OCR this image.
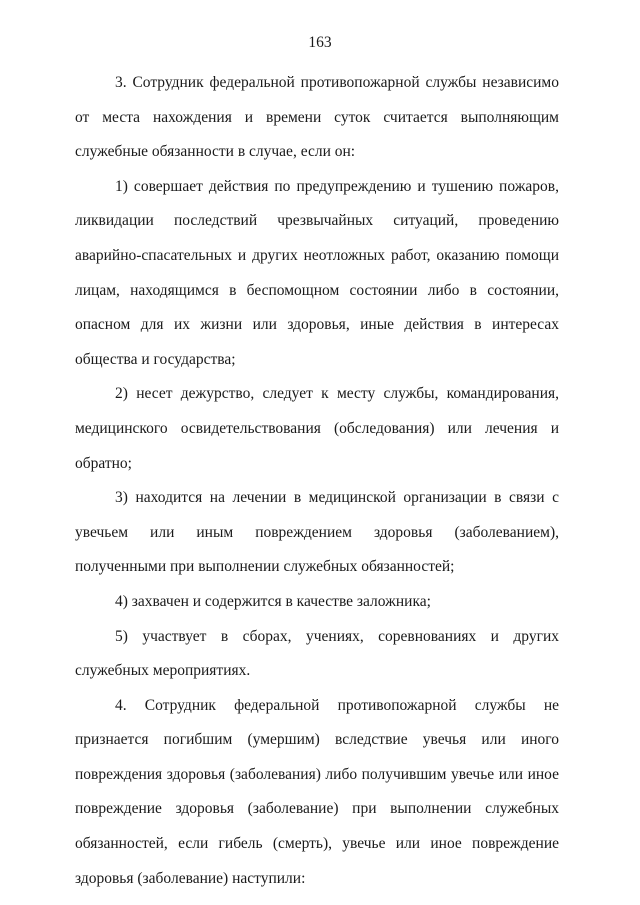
163

3. Сотрудник федеральной противопожарной службы независимо от места нахождения и времени суток считается выполняющим служебные обязанности в случае, если он:

1) совершает действия по предупреждению и тушению пожаров, ликвидации последствий чрезвычайных ситуаций, проведению аварийно-спасательных и других неотложных работ, оказанию помощи лицам, находящимся в беспомощном состоянии либо в состоянии, опасном для их жизни или здоровья, иные действия в интересах общества и государства;

2) несет дежурство, следует к месту службы, командирования, медицинского освидетельствования (обследования) или лечения и обратно;

3) находится на лечении в медицинской организации в связи с увечьем или иным повреждением здоровья (заболеванием), полученными при выполнении служебных обязанностей;

4) захвачен и содержится в качестве заложника;

5) участвует в сборах, учениях, соревнованиях и других служебных мероприятиях.

4. Сотрудник федеральной противопожарной службы не признается погибшим (умершим) вследствие увечья или иного повреждения здоровья (заболевания) либо получившим увечье или иное повреждение здоровья (заболевание) при выполнении служебных обязанностей, если гибель (смерть), увечье или иное повреждение здоровья (заболевание) наступили:
